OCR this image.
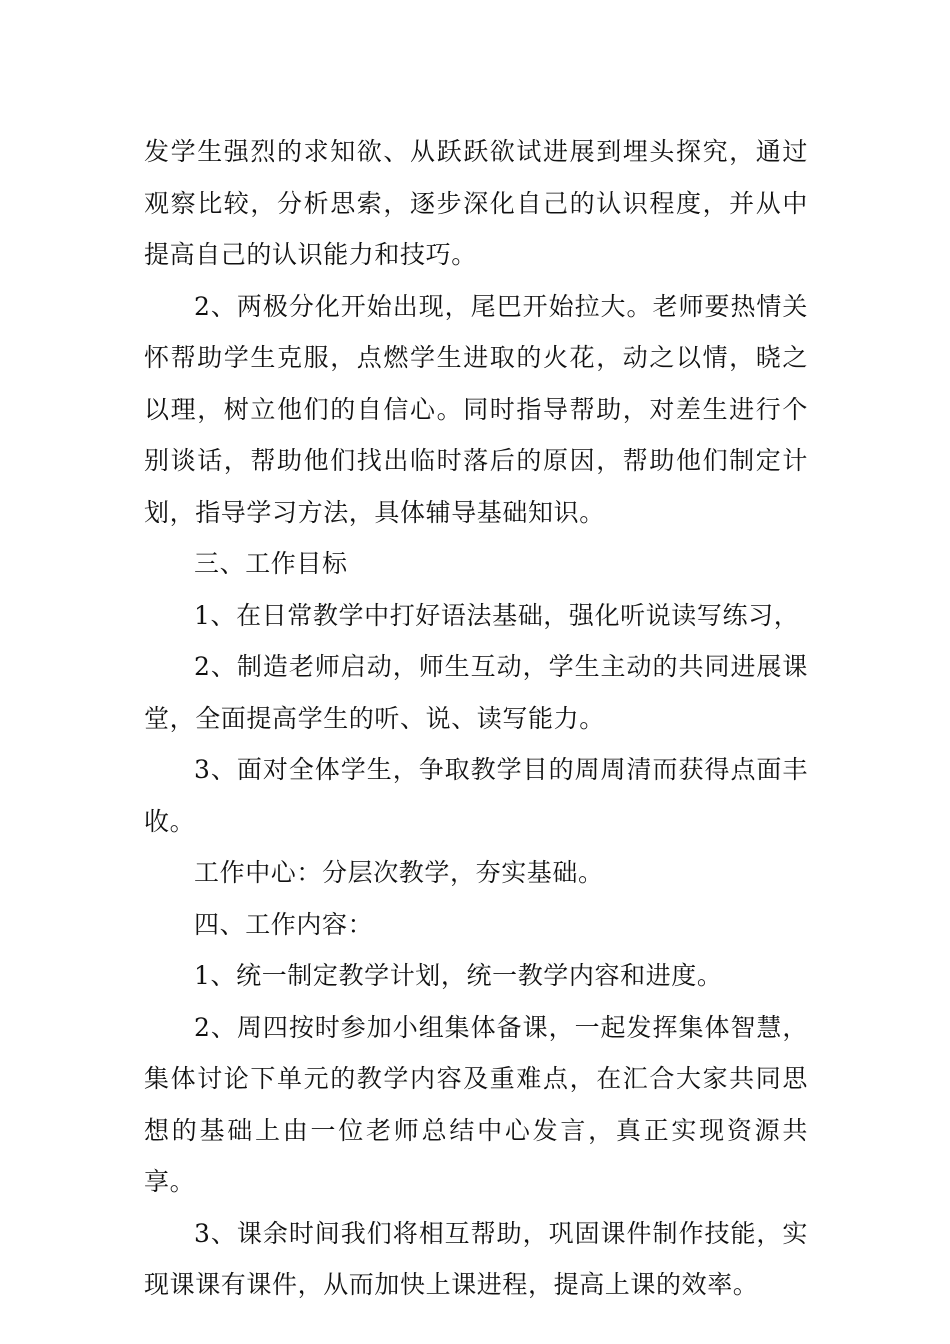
发学生强烈的求知欲、从跃跃欲试进展到埋头探究，通过观察比较，分析思索，逐步深化自己的认识程度，并从中提高自己的认识能力和技巧。

2、两极分化开始出现，尾巴开始拉大。老师要热情关怀帮助学生克服，点燃学生进取的火花，动之以情，晓之以理，树立他们的自信心。同时指导帮助，对差生进行个别谈话，帮助他们找出临时落后的原因，帮助他们制定计划，指导学习方法，具体辅导基础知识。

三、工作目标

1、在日常教学中打好语法基础，强化听说读写练习，

2、制造老师启动，师生互动，学生主动的共同进展课堂，全面提高学生的听、说、读写能力。

3、面对全体学生，争取教学目的周周清而获得点面丰收。

工作中心：分层次教学，夯实基础。

四、工作内容：

1、统一制定教学计划，统一教学内容和进度。

2、周四按时参加小组集体备课，一起发挥集体智慧，集体讨论下单元的教学内容及重难点，在汇合大家共同思想的基础上由一位老师总结中心发言，真正实现资源共享。

3、课余时间我们将相互帮助，巩固课件制作技能，实现课课有课件，从而加快上课进程，提高上课的效率。
